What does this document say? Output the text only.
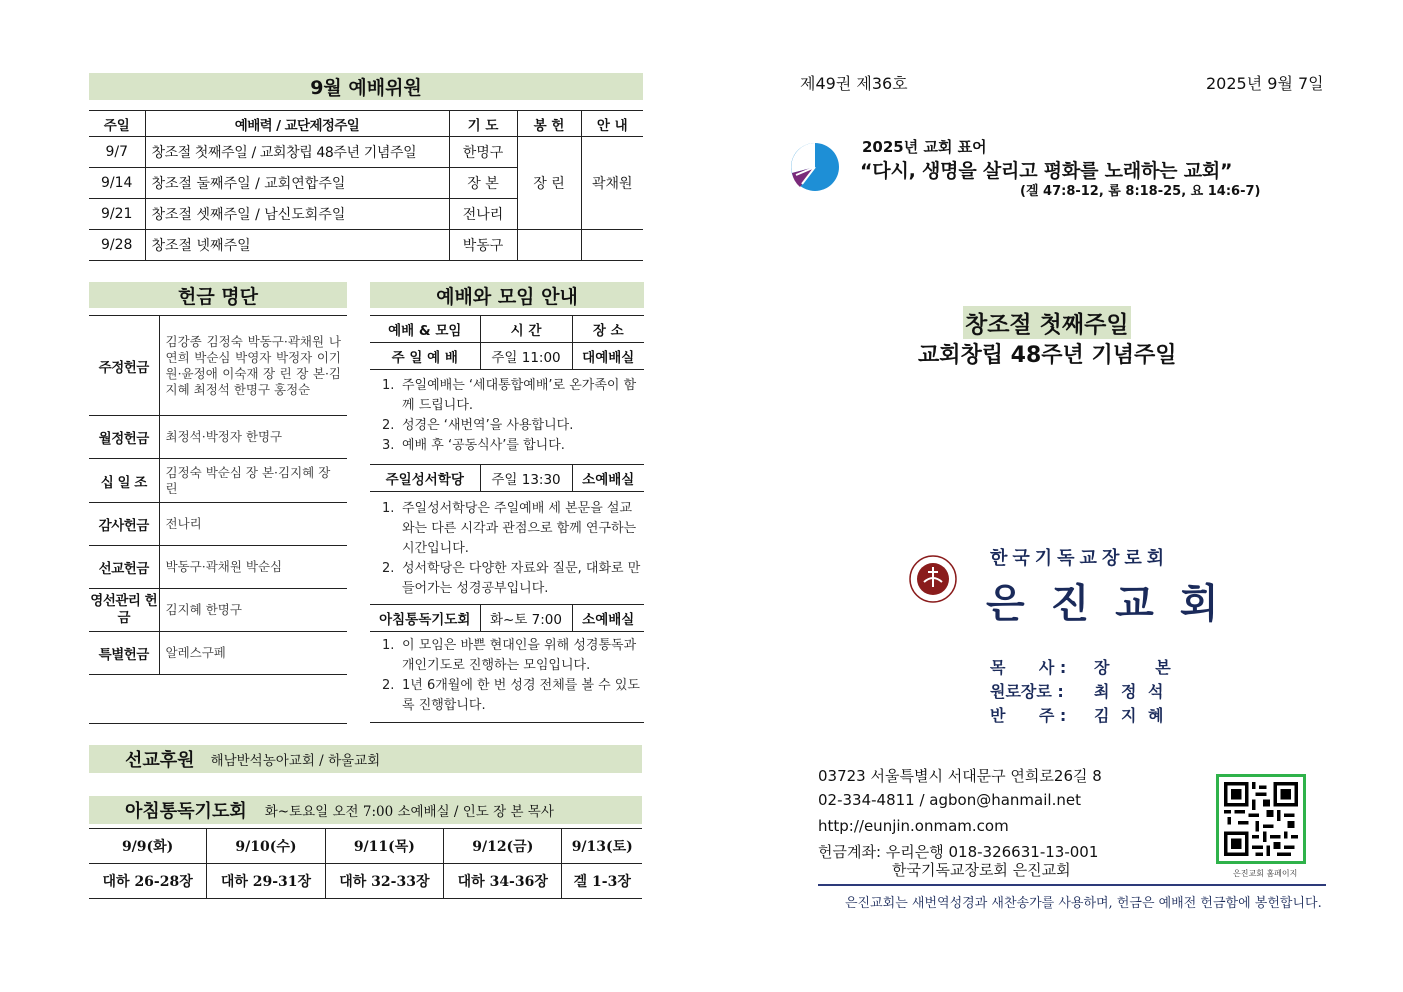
9월 예배위원
주일	예배력 / 교단제정주일	기 도	봉 헌	안 내
9/7	창조절 첫째주일 / 교회창립 48주년 기념주일	한명구	장 린	곽채원
9/14	창조절 둘째주일 / 교회연합주일	장 본		
9/21	창조절 셋째주일 / 남신도회주일	전나리		
9/28	창조절 넷째주일	박동구		
헌금 명단
주정헌금	김강종 김정숙 박동구·곽채원 나연희 박순심 박영자 박정자 이기원·윤정애 이숙재 장 린 장 본·김지혜 최정석 한명구 홍정순
월정헌금	최정석·박정자 한명구
십 일 조	김정숙 박순심 장 본·김지혜 장 린
감사헌금	전나리
선교헌금	박동구·곽채원 박순심
영선관리 헌 금	김지혜 한명구
특별헌금	알레스구페

예배와 모임 안내
예배 & 모임	시 간	장 소
주 일 예 배	주일 11:00	대예배실
1. 주일예배는 ‘세대통합예배’로 온가족이 함께 드립니다.
2. 성경은 ‘새번역’을 사용합니다.
3. 예배 후 ‘공동식사’를 합니다.
주일성서학당	주일 13:30	소예배실
1. 주일성서학당은 주일예배 세 본문을 설교와는 다른 시각과 관점으로 함께 연구하는 시간입니다.
2. 성서학당은 다양한 자료와 질문, 대화로 만들어가는 성경공부입니다.
아침통독기도회	화~토 7:00	소예배실
1. 이 모임은 바쁜 현대인을 위해 성경통독과 개인기도로 진행하는 모임입니다.
2. 1년 6개월에 한 번 성경 전체를 볼 수 있도록 진행합니다.
선교후원 해남반석농아교회 / 하울교회
아침통독기도회 화~토요일 오전 7:00 소예배실 / 인도 장 본 목사
9/9(화)	9/10(수)	9/11(목)	9/12(금)	9/13(토)
대하 26-28장	대하 29-31장	대하 32-33장	대하 34-36장	겔 1-3장
제49권 제36호	2025년 9월 7일
2025년 교회 표어
“다시, 생명을 살리고 평화를 노래하는 교회”
(겔 47:8-12, 롬 8:18-25, 요 14:6-7)
창조절 첫째주일
교회창립 48주년 기념주일
한국기독교장로회
은 진 교 회
목      사 : 장     본
원로장로 : 최 정 석
반      주 : 김 지 혜
03723 서울특별시 서대문구 연희로26길 8
02-334-4811 / agbon@hanmail.net
http://eunjin.onmam.com
헌금계좌: 우리은행 018-326631-13-001
한국기독교장로회 은진교회	은진교회 홈페이지
은진교회는 새번역성경과 새찬송가를 사용하며, 헌금은 예배전 헌금함에 봉헌합니다.
